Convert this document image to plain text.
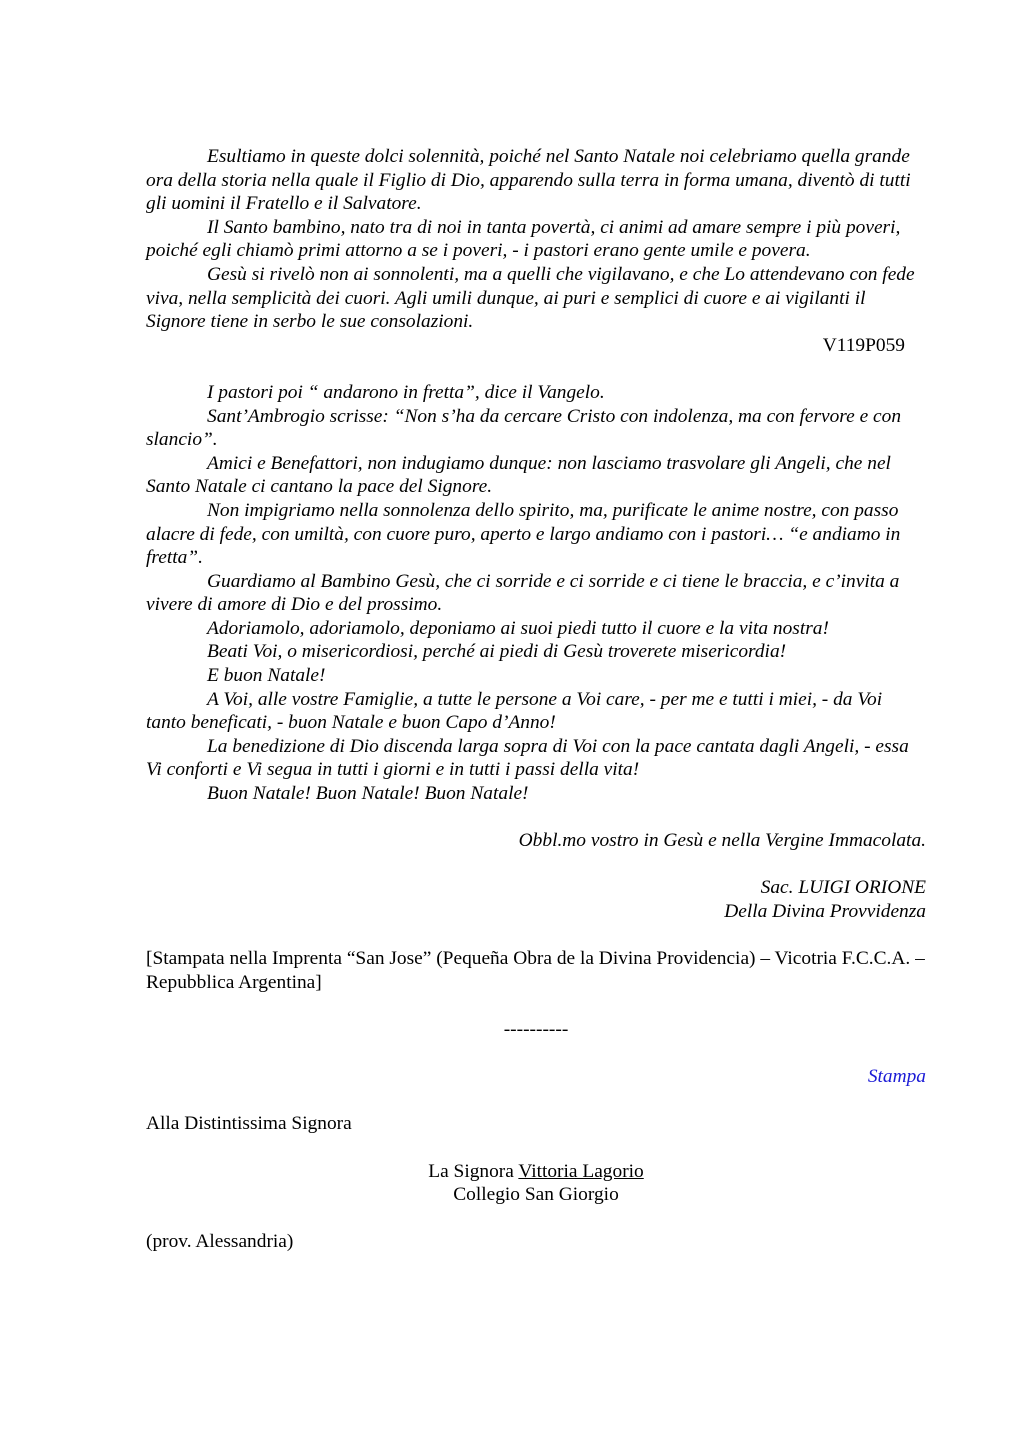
Esultiamo in queste dolci solennità, poiché nel Santo Natale noi celebriamo quella grande ora della storia nella quale il Figlio di Dio, apparendo sulla terra in forma umana, diventò di tutti gli uomini il Fratello e il Salvatore.

Il Santo bambino, nato tra di noi in tanta povertà, ci animi ad amare sempre i più poveri, poiché egli chiamò primi attorno a se i poveri, - i pastori erano gente umile e povera.

Gesù si rivelò non ai sonnolenti, ma a quelli che vigilavano, e che Lo attendevano con fede viva, nella semplicità dei cuori. Agli umili dunque, ai puri e semplici di cuore e ai vigilanti il Signore tiene in serbo le sue consolazioni.

V119P059

I pastori poi “ andarono in fretta”, dice il Vangelo.

Sant’Ambrogio scrisse: “Non s’ha da cercare Cristo con indolenza, ma con fervore e con slancio”.

Amici e Benefattori, non indugiamo dunque: non lasciamo trasvolare gli Angeli, che nel Santo Natale ci cantano la pace del Signore.

Non impigriamo nella sonnolenza dello spirito, ma, purificate le anime nostre, con passo alacre di fede, con umiltà, con cuore puro, aperto e largo andiamo con i pastori… “e andiamo in fretta”.

Guardiamo al Bambino Gesù, che ci sorride e ci sorride e ci tiene le braccia, e c’invita a vivere di amore di Dio e del prossimo.

Adoriamolo, adoriamolo, deponiamo ai suoi piedi tutto il cuore e la vita nostra!

Beati Voi, o misericordiosi, perché ai piedi di Gesù troverete misericordia!

E buon Natale!

A Voi, alle vostre Famiglie, a tutte le persone a Voi care, - per me e tutti i miei, - da Voi tanto beneficati, - buon Natale e buon Capo d’Anno!

La benedizione di Dio discenda larga sopra di Voi con la pace cantata dagli Angeli, - essa Vi conforti e Vi segua in tutti i giorni e in tutti i passi della vita!

Buon Natale! Buon Natale! Buon Natale!

Obbl.mo vostro in Gesù e nella Vergine Immacolata.
Sac. LUIGI ORIONE
Della Divina Provvidenza
[Stampata nella Imprenta “San Jose” (Pequeña Obra de la Divina Providencia) – Vicotria F.C.C.A. – Repubblica Argentina]
----------
Stampa
Alla Distintissima Signora
La Signora Vittoria Lagorio
Collegio San Giorgio
(prov. Alessandria)
